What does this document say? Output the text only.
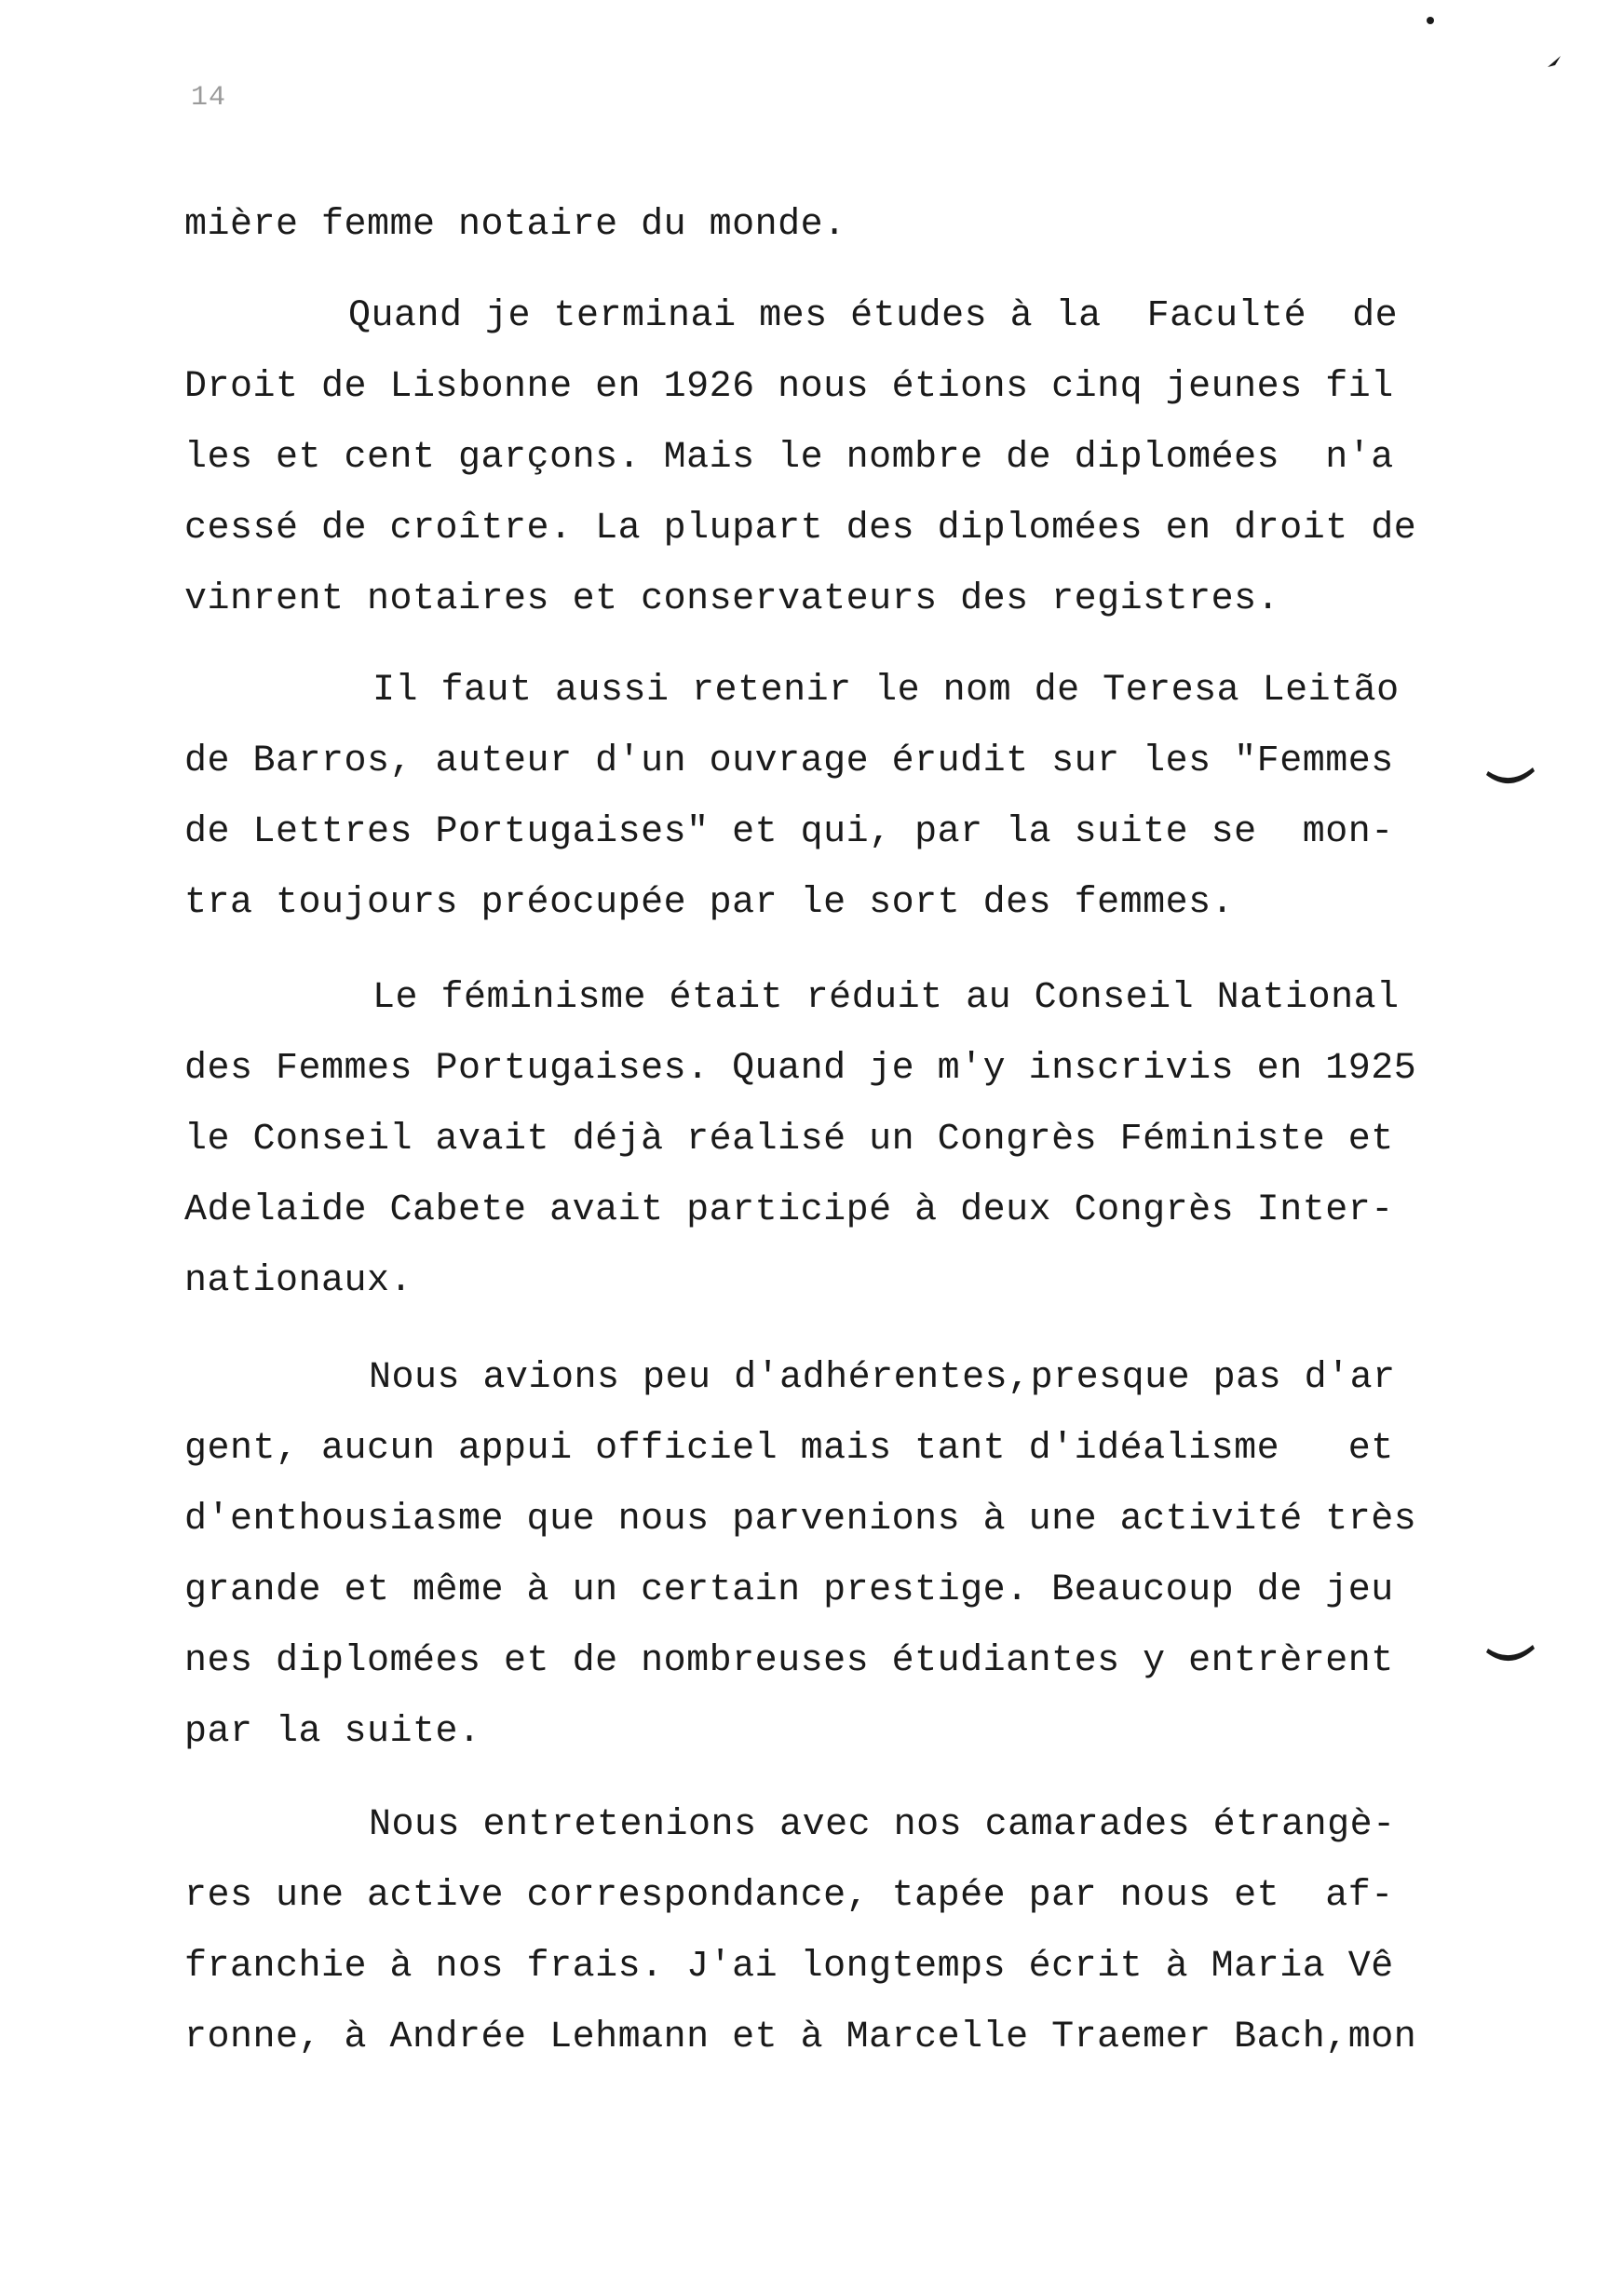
14
mière femme notaire du monde.
Quand je terminai mes études à la  Faculté  de
Droit de Lisbonne en 1926 nous étions cinq jeunes fil
les et cent garçons. Mais le nombre de diplomées  n'a
cessé de croître. La plupart des diplomées en droit de
vinrent notaires et conservateurs des registres.
Il faut aussi retenir le nom de Teresa Leitão
de Barros, auteur d'un ouvrage érudit sur les "Femmes
de Lettres Portugaises" et qui, par la suite se  mon-
tra toujours préocupée par le sort des femmes.
Le féminisme était réduit au Conseil National
des Femmes Portugaises. Quand je m'y inscrivis en 1925
le Conseil avait déjà réalisé un Congrès Féministe et
Adelaide Cabete avait participé à deux Congrès Inter-
nationaux.
Nous avions peu d'adhérentes,presque pas d'ar
gent, aucun appui officiel mais tant d'idéalisme   et
d'enthousiasme que nous parvenions à une activité très
grande et même à un certain prestige. Beaucoup de jeu
nes diplomées et de nombreuses étudiantes y entrèrent
par la suite.
Nous entretenions avec nos camarades étrangè-
res une active correspondance, tapée par nous et  af-
franchie à nos frais. J'ai longtemps écrit à Maria Vê
ronne, à Andrée Lehmann et à Marcelle Traemer Bach,mon
